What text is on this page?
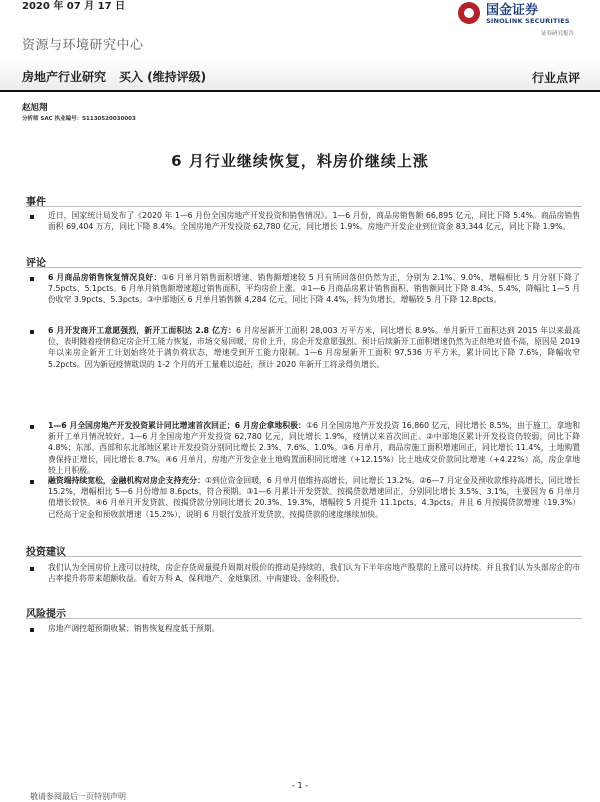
2020 年 07 月 17 日
资源与环境研究中心
国金证券
SINOLINK SECURITIES
证券研究报告
房地产行业研究 买入 (维持评级)	行业点评
赵旭翔
分析师 SAC 执业编号：S1130520030003
6 月行业继续恢复，料房价继续上涨
事件

近日，国家统计局发布了《2020 年 1—6 月份全国房地产开发投资和销售情况》。1—6 月份，商品房销售额 66,895 亿元，同比下降 5.4%。商品房销售面积 69,404 万方，同比下降 8.4%。全国房地产开发投资 62,780 亿元，同比增长 1.9%。房地产开发企业到位资金 83,344 亿元，同比下降 1.9%。

评论

6 月商品房销售恢复情况良好：①6 月单月销售面积增速、销售额增速较 5 月有所回落但仍然为正，分别为 2.1%、9.0%，增幅相比 5 月分别下降了 7.5pcts、5.1pcts。6 月单月销售额增速超过销售面积，平均房价上涨。②1—6 月商品房累计销售面积、销售额同比下降 8.4%、5.4%，降幅比 1—5 月份收窄 3.9pcts、5.3pcts。③中部地区 6 月单月销售额 4,284 亿元，同比下降 4.4%，转为负增长，增幅较 5 月下降 12.8pcts。

6 月开发商开工意愿强烈，新开工面积达 2.8 亿方：6 月房屋新开工面积 28,003 万平方米，同比增长 8.9%。单月新开工面积达到 2015 年以来最高位，表明随着疫情稳定房企开工能力恢复，市场交易回暖，房价上升，房企开发意愿强烈。预计后续新开工面积增速仍然为正但绝对值不高，原因是 2019 年以来房企新开工计划始终处于满负荷状态，增速受到开工能力限制。1—6 月房屋新开工面积 97,536 万平方米，累计同比下降 7.6%，降幅收窄 5.2pcts。因为新冠疫情耽误的 1-2 个月的开工量难以追赶，预计 2020 年新开工将录得负增长。

1—6 月全国房地产开发投资累计同比增速首次回正；6 月房企拿地积极：①6 月全国房地产开发投资 16,860 亿元，同比增长 8.5%，由于施工、拿地和新开工单月情况较好。1—6 月全国房地产开发投资 62,780 亿元，同比增长 1.9%，疫情以来首次回正。②中部地区累计开发投资仍较弱，同比下降 4.8%；东部、西部和东北部地区累计开发投资分别同比增长 2.3%、7.6%、1.0%。③6 月单月，商品房施工面积增速回正，同比增长 11.4%，土地购置费保持正增长，同比增长 8.7%。④6 月单月，房地产开发企业土地购置面积同比增速（+12.15%）比土地成交价款同比增速（+4.22%）高，房企拿地较上月积极。

融资端持续宽松，金融机构对房企支持充分：①到位资金回暖，6 月单月值维持高增长，同比增长 13.2%。②6—7 月定金及预收款维持高增长，同比增长 15.2%，增幅相比 5—6 月份增加 8.6pcts，符合预期。③1—6 月累计开发贷款、按揭贷款增速回正，分别同比增长 3.5%、3.1%，主要因为 6 月单月值增长较快。④6 月单月开发贷款、按揭贷款分别同比增长 20.3%、19.3%，增幅较 5 月提升 11.1pcts、4.3pcts。并且 6 月按揭贷款增速（19.3%）已经高于定金和预收款增速（15.2%），说明 6 月银行发放开发贷款、按揭贷款的速度继续加快。

投资建议

我们认为全国房价上涨可以持续，房企存货周量提升周期对股价的推动是持续的，我们认为下半年房地产股票的上涨可以持续。并且我们认为头部房企的市占率提升将带来超额收益。看好万科 A、保利地产、金地集团、中南建设、金科股份。

风险提示

房地产调控超预期收紧；销售恢复程度低于预期。

- 1 -
敬请参阅最后一页特别声明
